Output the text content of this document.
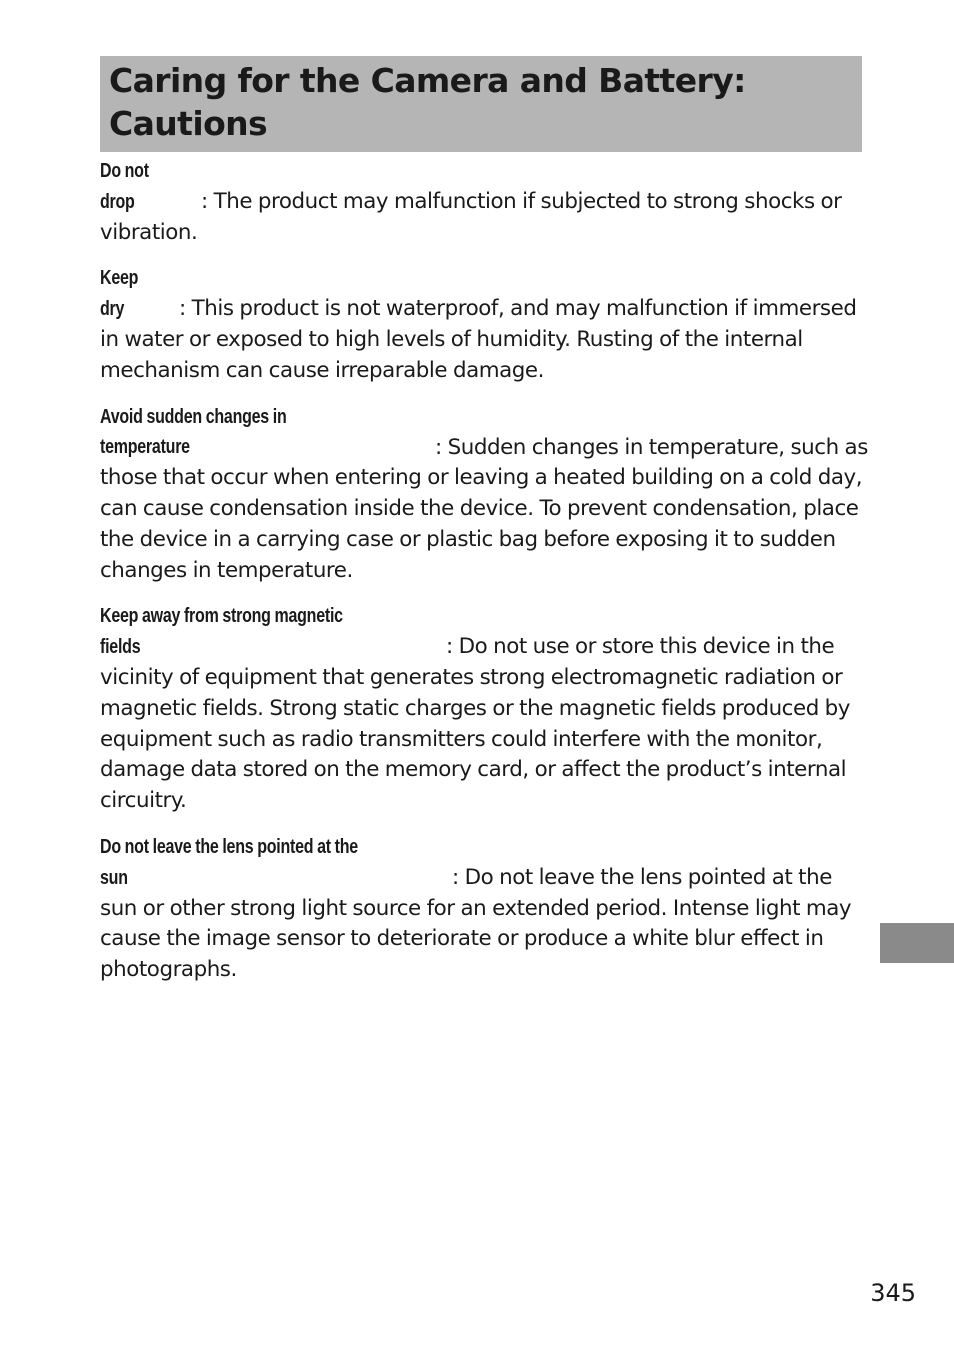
Caring for the Camera and Battery:
Cautions

Do not drop	: The product may malfunction if subjected to strong shocks or vibration.

Keep dry	: This product is not waterproof, and may malfunction if immersed in water or exposed to high levels of humidity. Rusting of the internal mechanism can cause irreparable damage.

Avoid sudden changes in temperature	: Sudden changes in temperature, such as those that occur when entering or leaving a heated building on a cold day, can cause condensation inside the device. To prevent condensation, place the device in a carrying case or plastic bag before exposing it to sudden changes in temperature.

Keep away from strong magnetic fields	: Do not use or store this device in the vicinity of equipment that generates strong electromagnetic radiation or magnetic fields. Strong static charges or the magnetic fields produced by equipment such as radio transmitters could interfere with the monitor, damage data stored on the memory card, or affect the product’s internal circuitry.

Do not leave the lens pointed at the sun	: Do not leave the lens pointed at the sun or other strong light source for an extended period. Intense light may cause the image sensor to deteriorate or produce a white blur effect in photographs.

345
